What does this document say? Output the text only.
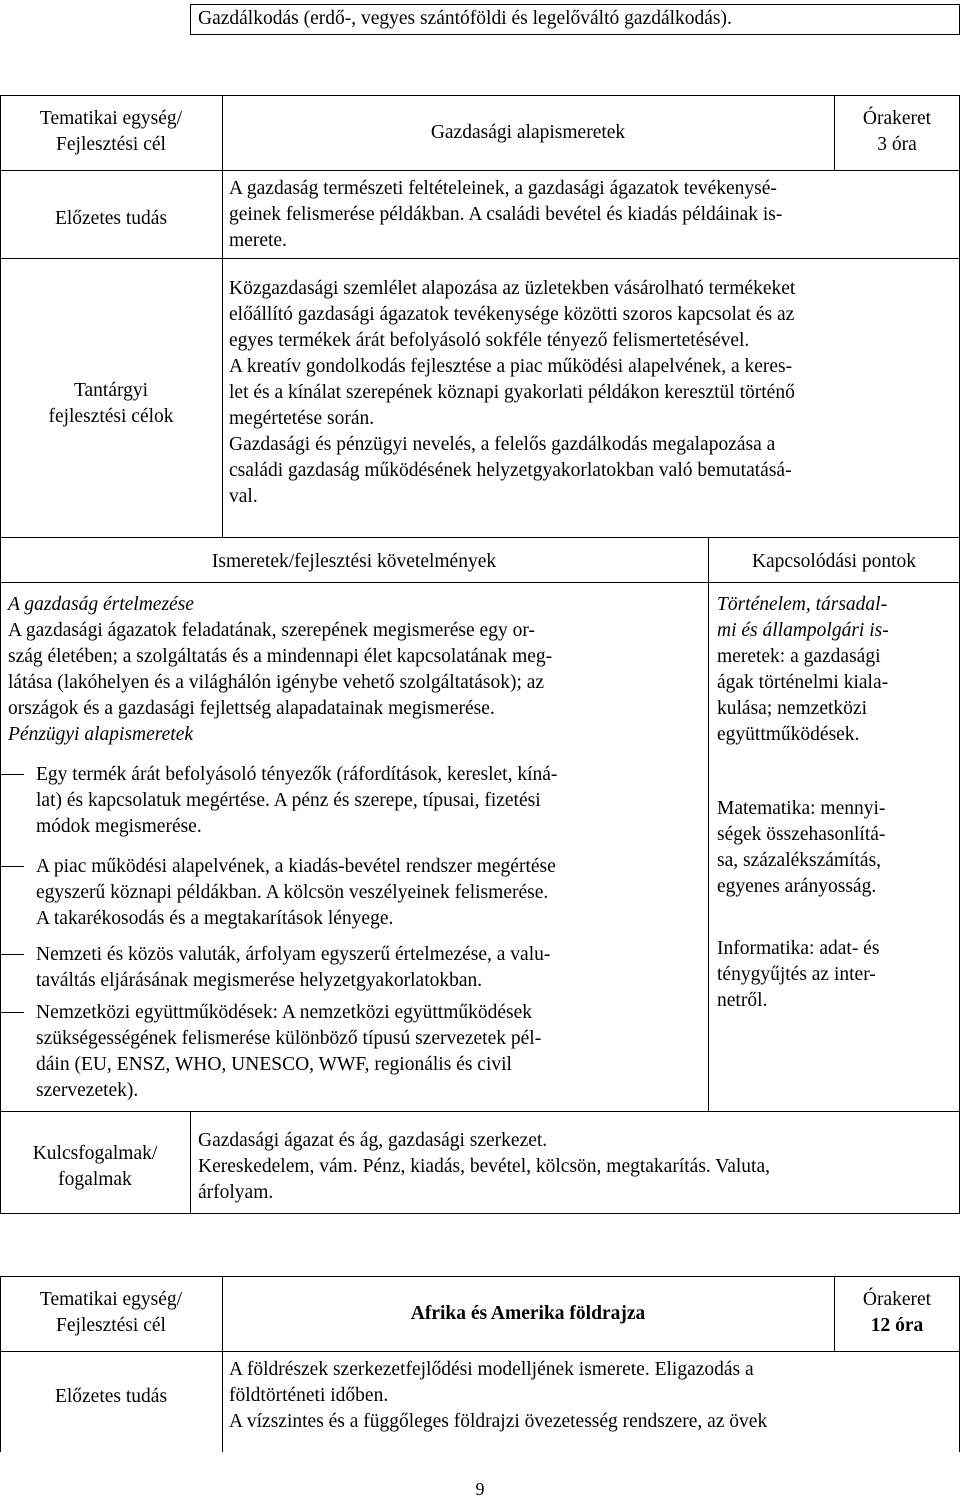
Gazdálkodás (erdő-, vegyes szántóföldi és legelőváltó gazdálkodás).
Tematikai egység/
Fejlesztési cél
Gazdasági alapismeretek
Órakeret
3 óra
Előzetes tudás
A gazdaság természeti feltételeinek, a gazdasági ágazatok tevékenysé-
geinek felismerése példákban. A családi bevétel és kiadás példáinak is-
merete.
Tantárgyi
fejlesztési célok
Közgazdasági szemlélet alapozása az üzletekben vásárolható termékeket
előállító gazdasági ágazatok tevékenysége közötti szoros kapcsolat és az
egyes termékek árát befolyásoló sokféle tényező felismertetésével.
A kreatív gondolkodás fejlesztése a piac működési alapelvének, a keres-
let és a kínálat szerepének köznapi gyakorlati példákon keresztül történő
megértetése során.
Gazdasági és pénzügyi nevelés, a felelős gazdálkodás megalapozása a
családi gazdaság működésének helyzetgyakorlatokban való bemutatásá-
val.
Ismeretek/fejlesztési követelmények	Kapcsolódási pontok
A gazdaság értelmezése
A gazdasági ágazatok feladatának, szerepének megismerése egy or-
szág életében; a szolgáltatás és a mindennapi élet kapcsolatának meg-
látása (lakóhelyen és a világhálón igénybe vehető szolgáltatások); az
országok és a gazdasági fejlettség alapadatainak megismerése.
Pénzügyi alapismeretek
Egy termék árát befolyásoló tényezők (ráfordítások, kereslet, kíná-
lat) és kapcsolatuk megértése. A pénz és szerepe, típusai, fizetési
módok megismerése.
A piac működési alapelvének, a kiadás-bevétel rendszer megértése
egyszerű köznapi példákban. A kölcsön veszélyeinek felismerése.
A takarékosodás és a megtakarítások lényege.
Nemzeti és közös valuták, árfolyam egyszerű értelmezése, a valu-
taváltás eljárásának megismerése helyzetgyakorlatokban.
Nemzetközi együttműködések: A nemzetközi együttműködések
szükségességének felismerése különböző típusú szervezetek pél-
dáin (EU, ENSZ, WHO, UNESCO, WWF, regionális és civil
szervezetek).
Történelem, társadal-
mi és állampolgári is-
meretek: a gazdasági
ágak történelmi kiala-
kulása; nemzetközi
együttműködések.
Matematika: mennyi-
ségek összehasonlítá-
sa, százalékszámítás,
egyenes arányosság.
Informatika: adat- és
ténygyűjtés az inter-
netről.
Kulcsfogalmak/
fogalmak
Gazdasági ágazat és ág, gazdasági szerkezet.
Kereskedelem, vám. Pénz, kiadás, bevétel, kölcsön, megtakarítás. Valuta,
árfolyam.
Tematikai egység/
Fejlesztési cél
Afrika és Amerika földrajza
Órakeret
12 óra
Előzetes tudás
A földrészek szerkezetfejlődési modelljének ismerete. Eligazodás a
földtörténeti időben.
A vízszintes és a függőleges földrajzi övezetesség rendszere, az övek
9
